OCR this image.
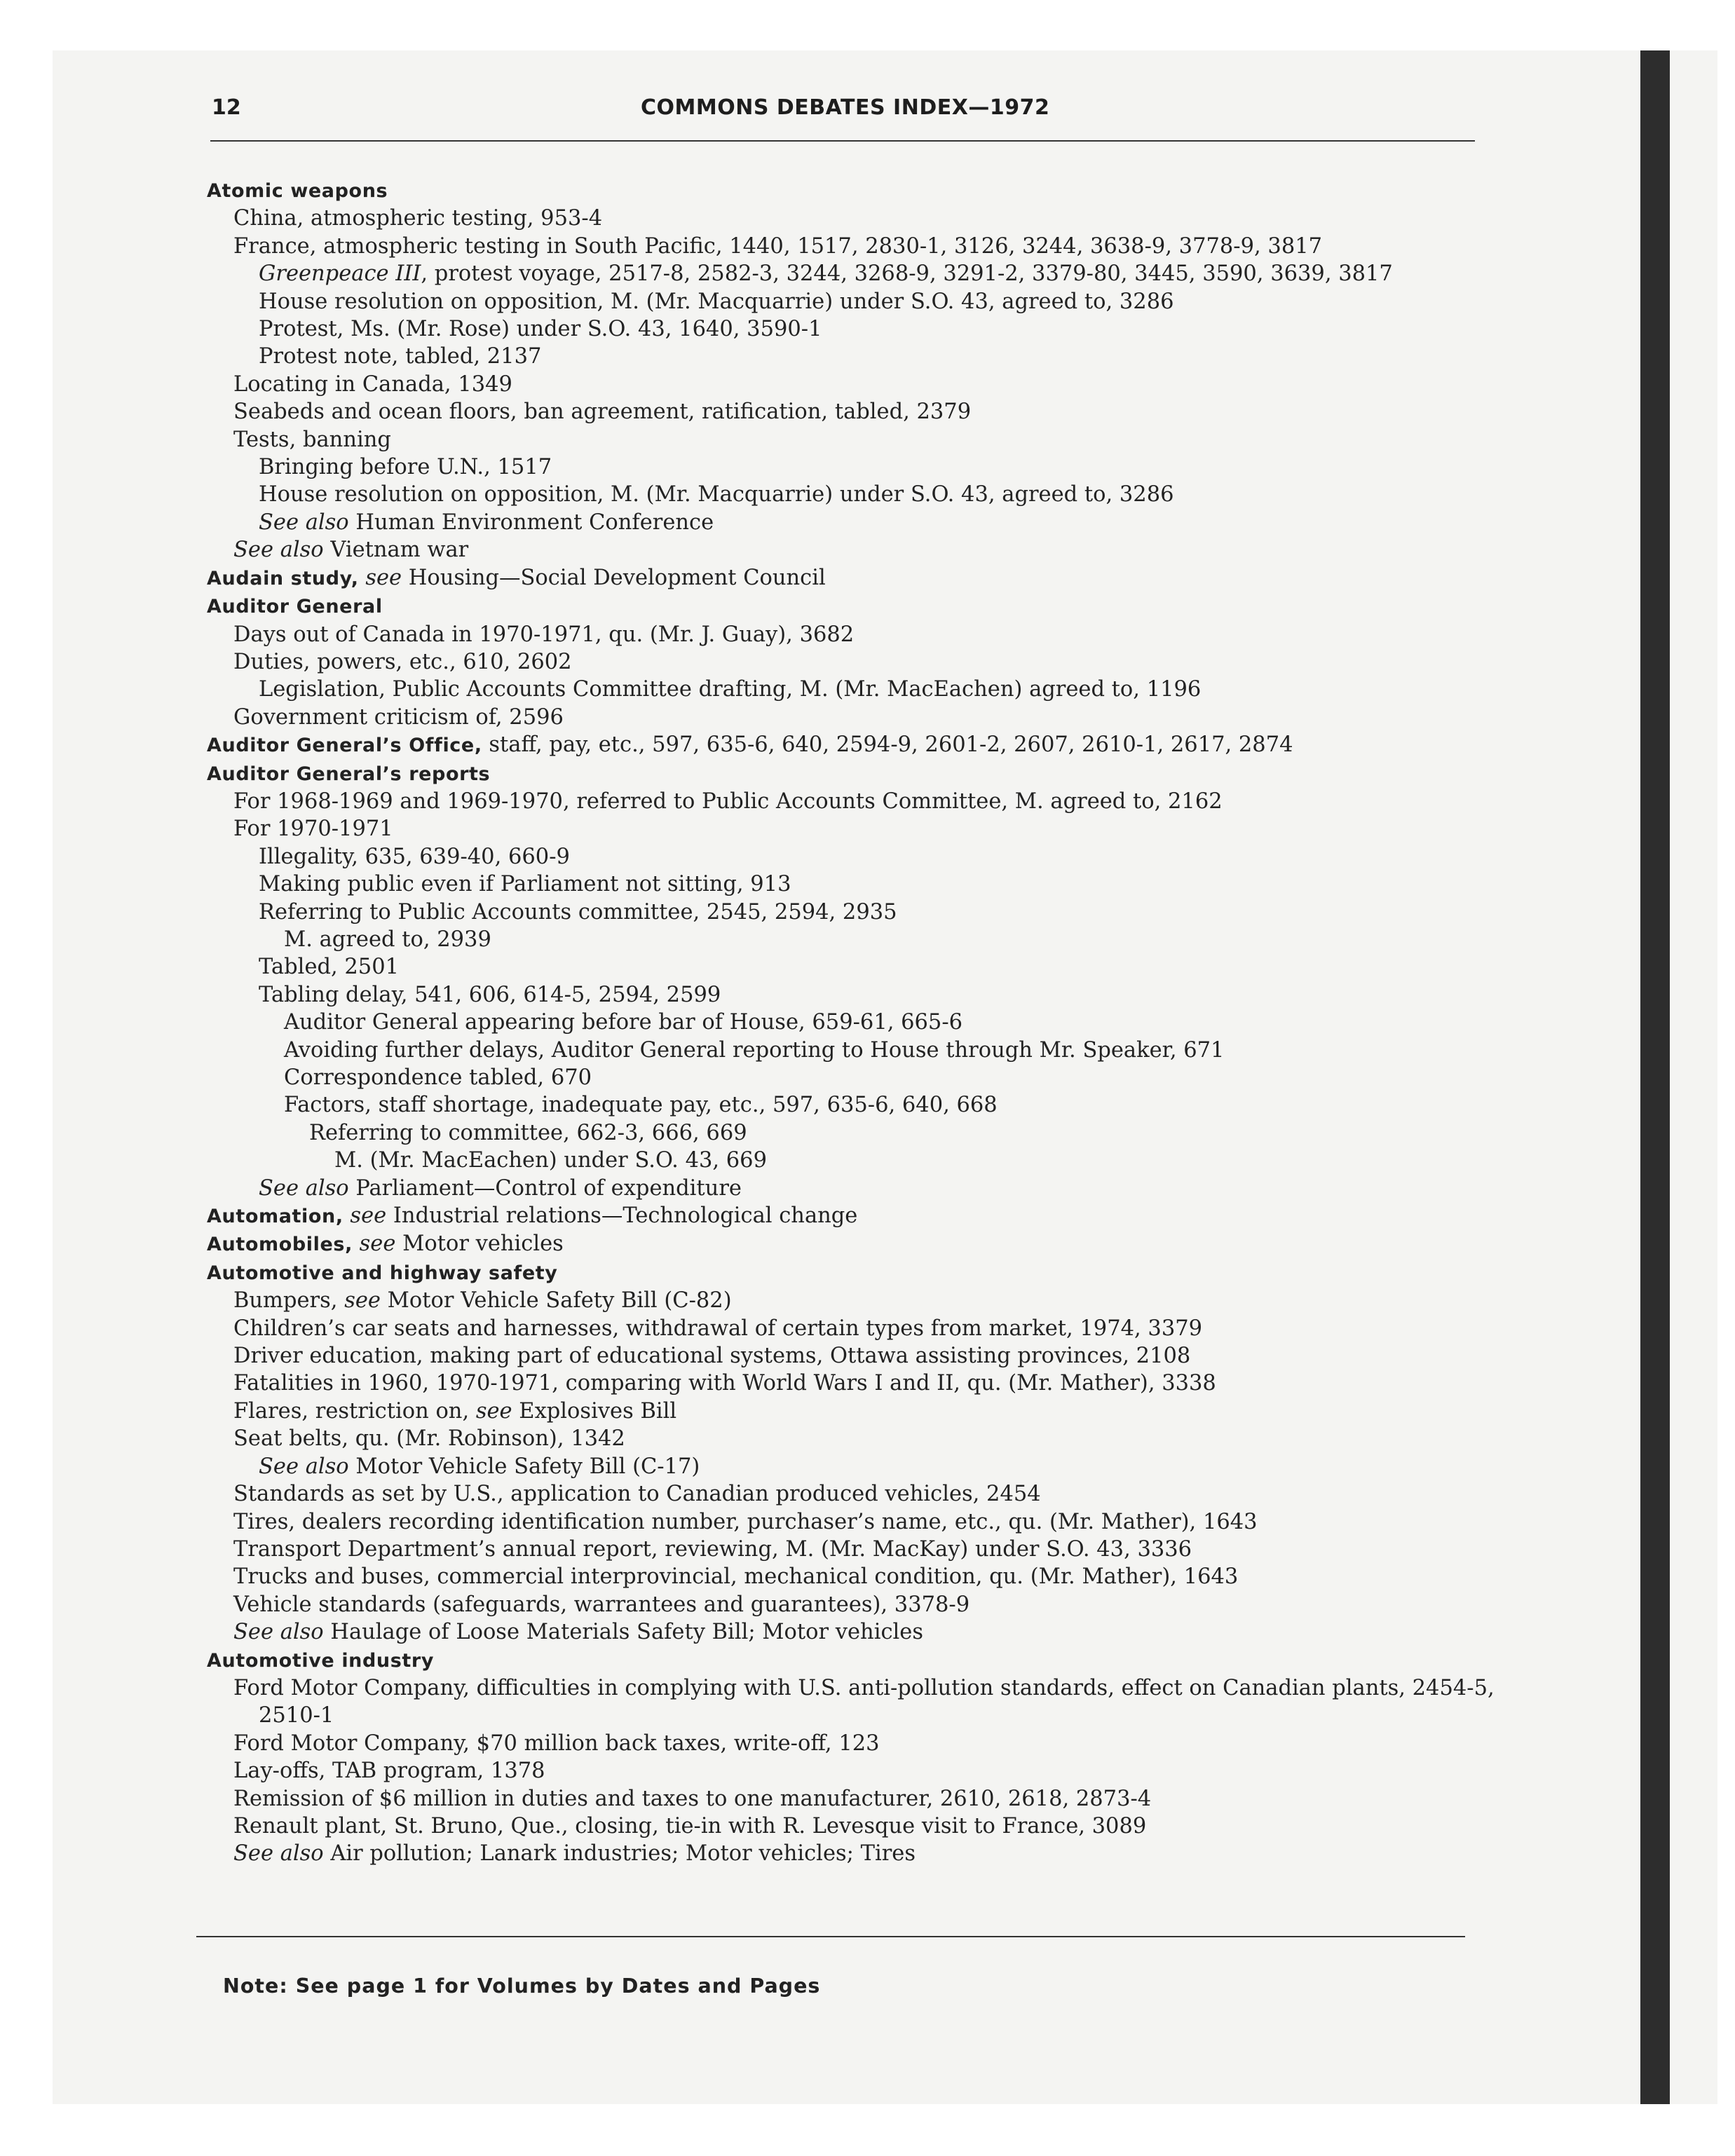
12	COMMONS DEBATES INDEX—1972
Atomic weapons
China, atmospheric testing, 953-4
France, atmospheric testing in South Pacific, 1440, 1517, 2830-1, 3126, 3244, 3638-9, 3778-9, 3817
Greenpeace III, protest voyage, 2517-8, 2582-3, 3244, 3268-9, 3291-2, 3379-80, 3445, 3590, 3639, 3817
House resolution on opposition, M. (Mr. Macquarrie) under S.O. 43, agreed to, 3286
Protest, Ms. (Mr. Rose) under S.O. 43, 1640, 3590-1
Protest note, tabled, 2137
Locating in Canada, 1349
Seabeds and ocean floors, ban agreement, ratification, tabled, 2379
Tests, banning
Bringing before U.N., 1517
House resolution on opposition, M. (Mr. Macquarrie) under S.O. 43, agreed to, 3286
See also Human Environment Conference
See also Vietnam war
Audain study, see Housing—Social Development Council
Auditor General
Days out of Canada in 1970-1971, qu. (Mr. J. Guay), 3682
Duties, powers, etc., 610, 2602
Legislation, Public Accounts Committee drafting, M. (Mr. MacEachen) agreed to, 1196
Government criticism of, 2596
Auditor General’s Office, staff, pay, etc., 597, 635-6, 640, 2594-9, 2601-2, 2607, 2610-1, 2617, 2874
Auditor General’s reports
For 1968-1969 and 1969-1970, referred to Public Accounts Committee, M. agreed to, 2162
For 1970-1971
Illegality, 635, 639-40, 660-9
Making public even if Parliament not sitting, 913
Referring to Public Accounts committee, 2545, 2594, 2935
M. agreed to, 2939
Tabled, 2501
Tabling delay, 541, 606, 614-5, 2594, 2599
Auditor General appearing before bar of House, 659-61, 665-6
Avoiding further delays, Auditor General reporting to House through Mr. Speaker, 671
Correspondence tabled, 670
Factors, staff shortage, inadequate pay, etc., 597, 635-6, 640, 668
Referring to committee, 662-3, 666, 669
M. (Mr. MacEachen) under S.O. 43, 669
See also Parliament—Control of expenditure
Automation, see Industrial relations—Technological change
Automobiles, see Motor vehicles
Automotive and highway safety
Bumpers, see Motor Vehicle Safety Bill (C-82)
Children’s car seats and harnesses, withdrawal of certain types from market, 1974, 3379
Driver education, making part of educational systems, Ottawa assisting provinces, 2108
Fatalities in 1960, 1970-1971, comparing with World Wars I and II, qu. (Mr. Mather), 3338
Flares, restriction on, see Explosives Bill
Seat belts, qu. (Mr. Robinson), 1342
See also Motor Vehicle Safety Bill (C-17)
Standards as set by U.S., application to Canadian produced vehicles, 2454
Tires, dealers recording identification number, purchaser’s name, etc., qu. (Mr. Mather), 1643
Transport Department’s annual report, reviewing, M. (Mr. MacKay) under S.O. 43, 3336
Trucks and buses, commercial interprovincial, mechanical condition, qu. (Mr. Mather), 1643
Vehicle standards (safeguards, warrantees and guarantees), 3378-9
See also Haulage of Loose Materials Safety Bill; Motor vehicles
Automotive industry
Ford Motor Company, difficulties in complying with U.S. anti-pollution standards, effect on Canadian plants, 2454-5, 2510-1
Ford Motor Company, $70 million back taxes, write-off, 123
Lay-offs, TAB program, 1378
Remission of $6 million in duties and taxes to one manufacturer, 2610, 2618, 2873-4
Renault plant, St. Bruno, Que., closing, tie-in with R. Levesque visit to France, 3089
See also Air pollution; Lanark industries; Motor vehicles; Tires
Note: See page 1 for Volumes by Dates and Pages
